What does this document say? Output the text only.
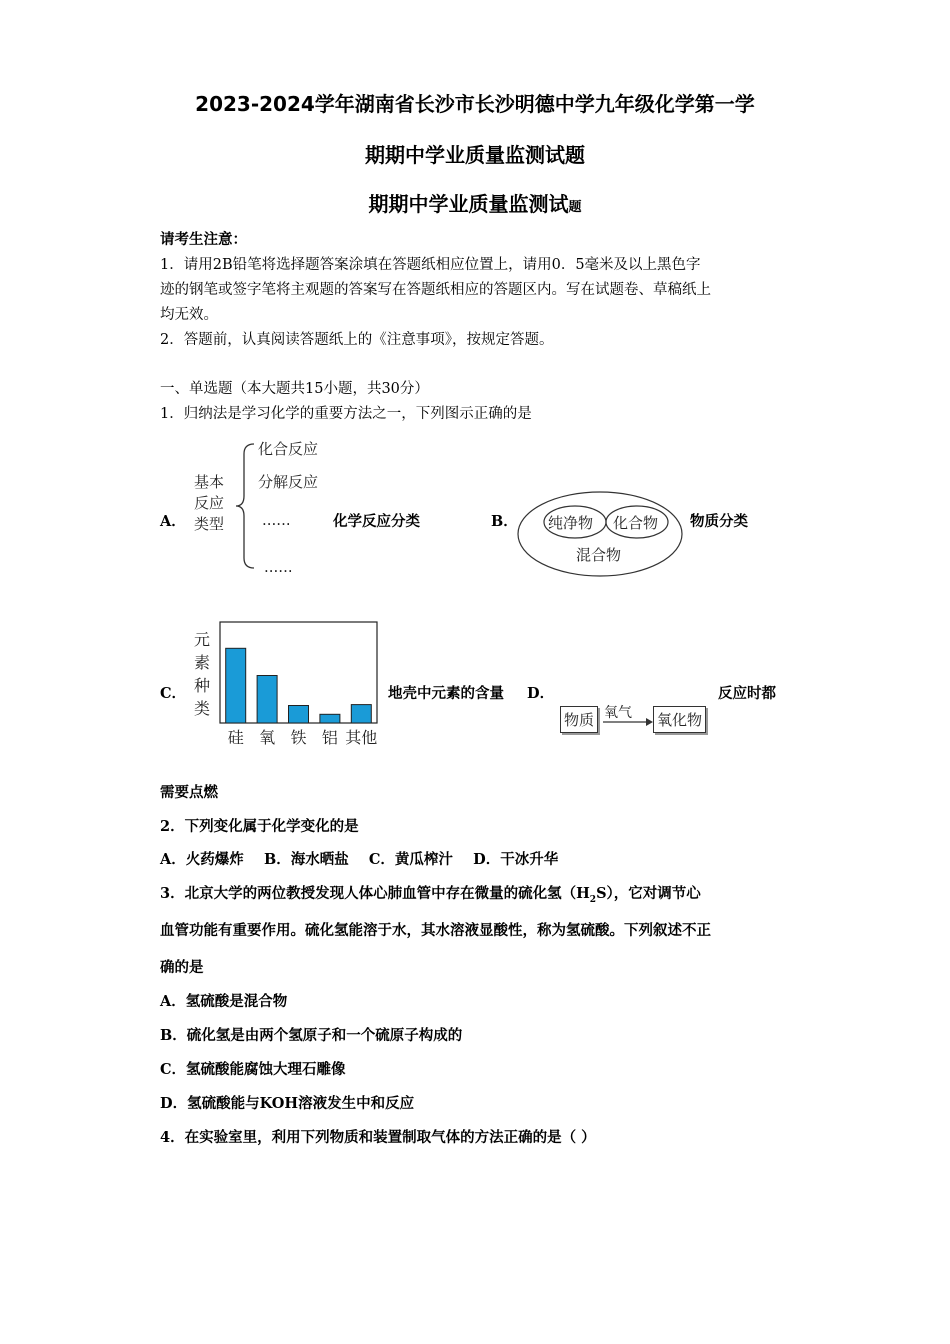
2023-2024学年湖南省长沙市长沙明德中学九年级化学第一学
期期中学业质量监测试题
期期中学业质量监测试题
请考生注意：
1．请用2B铅笔将选择题答案涂填在答题纸相应位置上，请用0．5毫米及以上黑色字
迹的钢笔或签字笔将主观题的答案写在答题纸相应的答题区内。写在试题卷、草稿纸上
均无效。
2．答题前，认真阅读答题纸上的《注意事项》，按规定答题。
一、单选题（本大题共15小题，共30分）
1．归纳法是学习化学的重要方法之一，下列图示正确的是
A．
基本
反应
类型
化合反应
分解反应
......
......
化学反应分类	B． 纯净物 化合物
混合物
物质分类
C．
元
素
种
类
硅 氧 铁 铝 其他
地壳中元素的含量 D．
物质 氧气 氧化物
反应时都
需要点燃
2．下列变化属于化学变化的是
A．火药爆炸    B．海水晒盐    C．黄瓜榨汁    D．干冰升华
3．北京大学的两位教授发现人体心肺血管中存在微量的硫化氢$(H_2S)$，它对调节心
血管功能有重要作用。硫化氢能溶于水，其水溶液显酸性，称为氢硫酸。下列叙述不正
确的是
A．氢硫酸是混合物
B．硫化氢是由两个氢原子和一个硫原子构成的
C．氢硫酸能腐蚀大理石雕像
D．氢硫酸能与KOH溶液发生中和反应
4．在实验室里，利用下列物质和装置制取气体的方法正确的是（ ）
